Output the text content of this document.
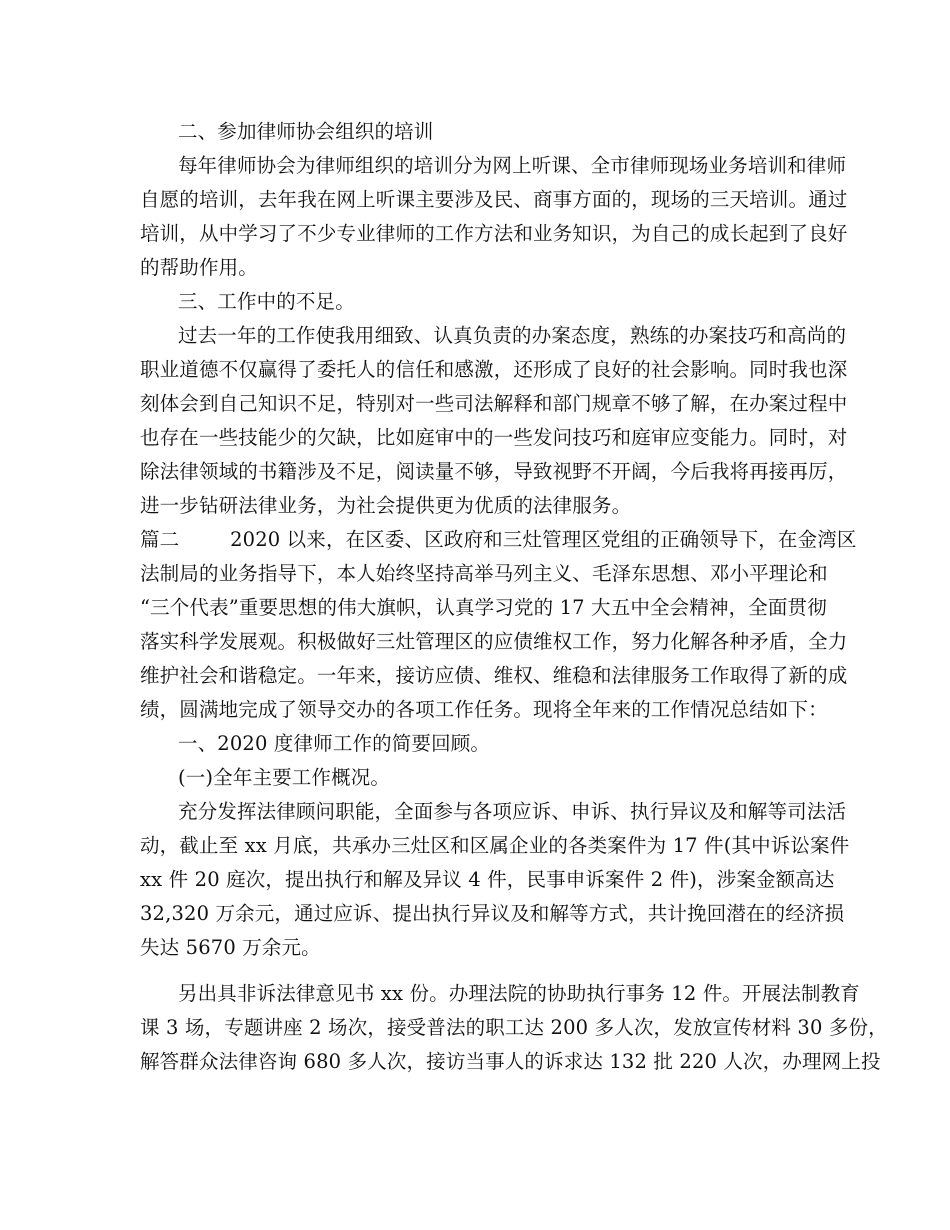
二、参加律师协会组织的培训
每年律师协会为律师组织的培训分为网上听课、全市律师现场业务培训和律师
自愿的培训，去年我在网上听课主要涉及民、商事方面的，现场的三天培训。通过
培训，从中学习了不少专业律师的工作方法和业务知识，为自己的成长起到了良好
的帮助作用。
三、工作中的不足。
过去一年的工作使我用细致、认真负责的办案态度，熟练的办案技巧和高尚的
职业道德不仅赢得了委托人的信任和感激，还形成了良好的社会影响。同时我也深
刻体会到自己知识不足，特别对一些司法解释和部门规章不够了解，在办案过程中
也存在一些技能少的欠缺，比如庭审中的一些发问技巧和庭审应变能力。同时，对
除法律领域的书籍涉及不足，阅读量不够，导致视野不开阔，今后我将再接再厉，
进一步钻研法律业务，为社会提供更为优质的法律服务。
篇二        2020 以来，在区委、区政府和三灶管理区党组的正确领导下，在金湾区
法制局的业务指导下，本人始终坚持高举马列主义、毛泽东思想、邓小平理论和
“三个代表”重要思想的伟大旗帜，认真学习党的 17 大五中全会精神，全面贯彻
落实科学发展观。积极做好三灶管理区的应债维权工作，努力化解各种矛盾，全力
维护社会和谐稳定。一年来，接访应债、维权、维稳和法律服务工作取得了新的成
绩，圆满地完成了领导交办的各项工作任务。现将全年来的工作情况总结如下：
一、2020 度律师工作的简要回顾。
(一)全年主要工作概况。
充分发挥法律顾问职能，全面参与各项应诉、申诉、执行异议及和解等司法活
动，截止至 xx 月底，共承办三灶区和区属企业的各类案件为 17 件(其中诉讼案件
xx 件 20 庭次，提出执行和解及异议 4 件，民事申诉案件 2 件)，涉案金额高达
32,320 万余元，通过应诉、提出执行异议及和解等方式，共计挽回潜在的经济损
失达 5670 万余元。
另出具非诉法律意见书 xx 份。办理法院的协助执行事务 12 件。开展法制教育
课 3 场，专题讲座 2 场次，接受普法的职工达 200 多人次，发放宣传材料 30 多份，
解答群众法律咨询 680 多人次，接访当事人的诉求达 132 批 220 人次，办理网上投
